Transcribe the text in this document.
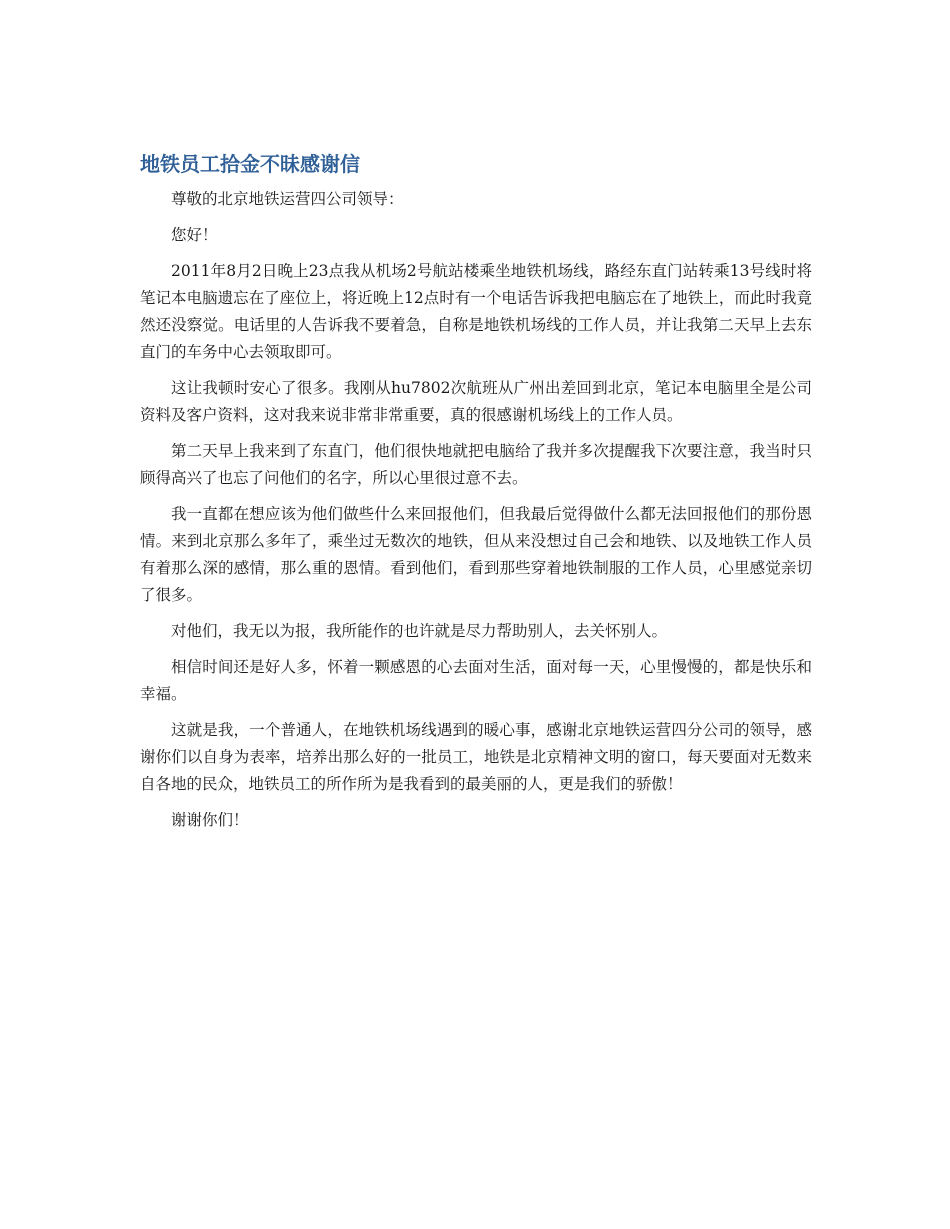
地铁员工拾金不昧感谢信

尊敬的北京地铁运营四公司领导：

您好！

2011年8月2日晚上23点我从机场2号航站楼乘坐地铁机场线，路经东直门站转乘13号线时将笔记本电脑遗忘在了座位上，将近晚上12点时有一个电话告诉我把电脑忘在了地铁上，而此时我竟然还没察觉。电话里的人告诉我不要着急，自称是地铁机场线的工作人员，并让我第二天早上去东直门的车务中心去领取即可。

这让我顿时安心了很多。我刚从hu7802次航班从广州出差回到北京，笔记本电脑里全是公司资料及客户资料，这对我来说非常非常重要，真的很感谢机场线上的工作人员。

第二天早上我来到了东直门，他们很快地就把电脑给了我并多次提醒我下次要注意，我当时只顾得高兴了也忘了问他们的名字，所以心里很过意不去。

我一直都在想应该为他们做些什么来回报他们，但我最后觉得做什么都无法回报他们的那份恩情。来到北京那么多年了，乘坐过无数次的地铁，但从来没想过自己会和地铁、以及地铁工作人员有着那么深的感情，那么重的恩情。看到他们，看到那些穿着地铁制服的工作人员，心里感觉亲切了很多。

对他们，我无以为报，我所能作的也许就是尽力帮助别人，去关怀别人。

相信时间还是好人多，怀着一颗感恩的心去面对生活，面对每一天，心里慢慢的，都是快乐和幸福。

这就是我，一个普通人，在地铁机场线遇到的暖心事，感谢北京地铁运营四分公司的领导，感谢你们以自身为表率，培养出那么好的一批员工，地铁是北京精神文明的窗口，每天要面对无数来自各地的民众，地铁员工的所作所为是我看到的最美丽的人，更是我们的骄傲！

谢谢你们！
